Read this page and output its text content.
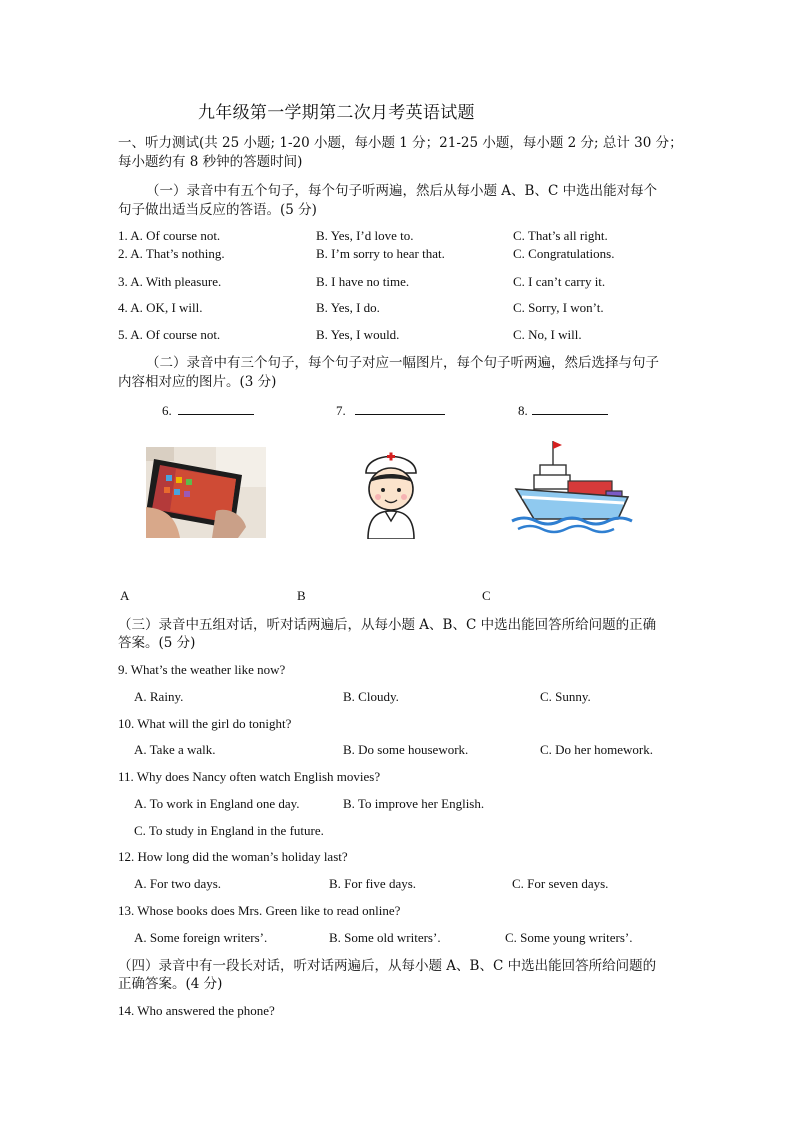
九年级第一学期第二次月考英语试题
一、听力测试(共 25 小题; 1-20 小题，每小题 1 分；21-25 小题，每小题 2 分; 总计 30 分；
每小题约有 8 秒钟的答题时间)
（一）录音中有五个句子，每个句子听两遍，然后从每小题 A、B、C 中选出能对每个
句子做出适当反应的答语。(5 分)
1. A. Of course not.	B. Yes, I’d love to.	C. That’s all right.
2. A. That’s nothing.	B. I’m sorry to hear that.	C. Congratulations.
3. A. With pleasure.	B. I have no time.	C. I can’t carry it.
4. A. OK, I will.	B. Yes, I do.	C. Sorry, I won’t.
5. A. Of course not.	B. Yes, I would.	C. No, I will.
（二）录音中有三个句子，每个句子对应一幅图片，每个句子听两遍，然后选择与句子
内容相对应的图片。(3 分)
6.	7.	8.
A	B	C
（三）录音中五组对话，听对话两遍后，从每小题 A、B、C 中选出能回答所给问题的正确
答案。(5 分)
9. What’s the weather like now?
A. Rainy.	B. Cloudy.	C. Sunny.
10. What will the girl do tonight?
A. Take a walk.	B. Do some housework.	C. Do her homework.
11. Why does Nancy often watch English movies?
A. To work in England one day.	B. To improve her English.
C. To study in England in the future.
12. How long did the woman’s holiday last?
A. For two days.	B. For five days.	C. For seven days.
13. Whose books does Mrs. Green like to read online?
A. Some foreign writers’.	B. Some old writers’.	C. Some young writers’.
（四）录音中有一段长对话，听对话两遍后，从每小题 A、B、C 中选出能回答所给问题的
正确答案。(4 分)
14. Who answered the phone?
